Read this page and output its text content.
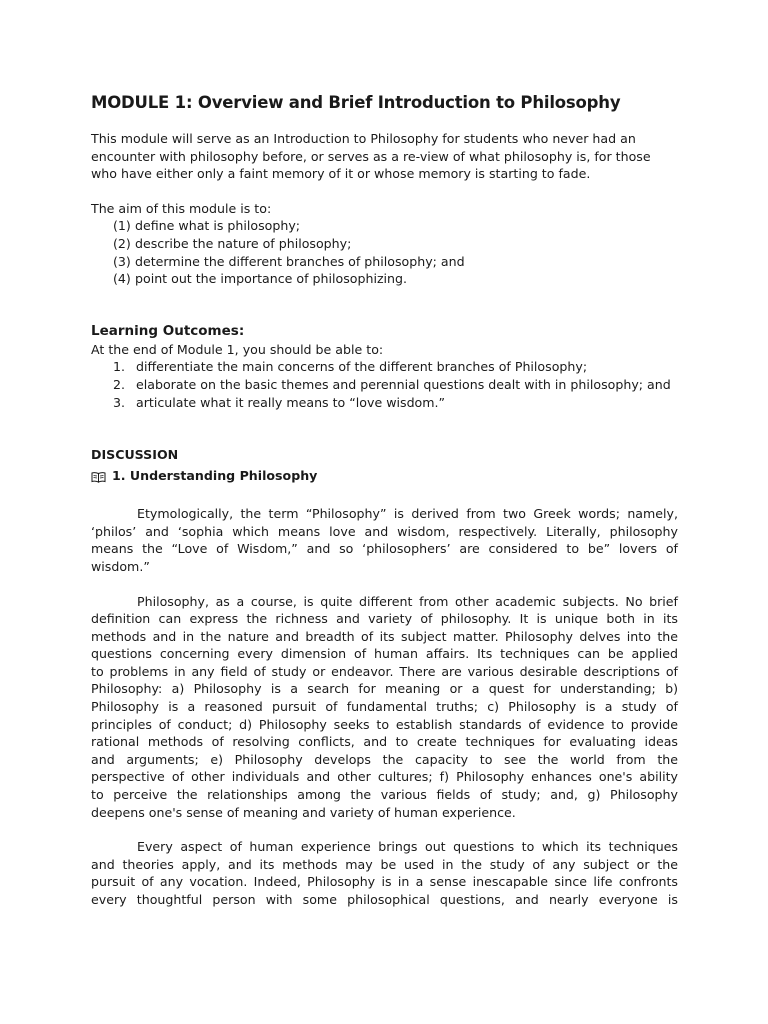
MODULE 1: Overview and Brief Introduction to Philosophy
This module will serve as an Introduction to Philosophy for students who never had an
encounter with philosophy before, or serves as a re-view of what philosophy is, for those
who have either only a faint memory of it or whose memory is starting to fade.
The aim of this module is to:
(1) define what is philosophy;
(2) describe the nature of philosophy;
(3) determine the different branches of philosophy; and
(4) point out the importance of philosophizing.
Learning Outcomes:
At the end of Module 1, you should be able to:
1. differentiate the main concerns of the different branches of Philosophy;
2. elaborate on the basic themes and perennial questions dealt with in philosophy; and
3. articulate what it really means to “love wisdom.”
DISCUSSION
1. Understanding Philosophy
Etymologically, the term “Philosophy” is derived from two Greek words; namely,
‘philos’ and ‘sophia which means love and wisdom, respectively. Literally, philosophy
means the “Love of Wisdom,” and so ‘philosophers’ are considered to be” lovers of
wisdom.”
Philosophy, as a course, is quite different from other academic subjects. No brief
definition can express the richness and variety of philosophy. It is unique both in its
methods and in the nature and breadth of its subject matter. Philosophy delves into the
questions concerning every dimension of human affairs. Its techniques can be applied
to problems in any field of study or endeavor. There are various desirable descriptions of
Philosophy: a) Philosophy is a search for meaning or a quest for understanding; b)
Philosophy is a reasoned pursuit of fundamental truths; c) Philosophy is a study of
principles of conduct; d) Philosophy seeks to establish standards of evidence to provide
rational methods of resolving conflicts, and to create techniques for evaluating ideas
and arguments; e) Philosophy develops the capacity to see the world from the
perspective of other individuals and other cultures; f) Philosophy enhances one's ability
to perceive the relationships among the various fields of study; and, g) Philosophy
deepens one's sense of meaning and variety of human experience.
Every aspect of human experience brings out questions to which its techniques
and theories apply, and its methods may be used in the study of any subject or the
pursuit of any vocation. Indeed, Philosophy is in a sense inescapable since life confronts
every thoughtful person with some philosophical questions, and nearly everyone is
